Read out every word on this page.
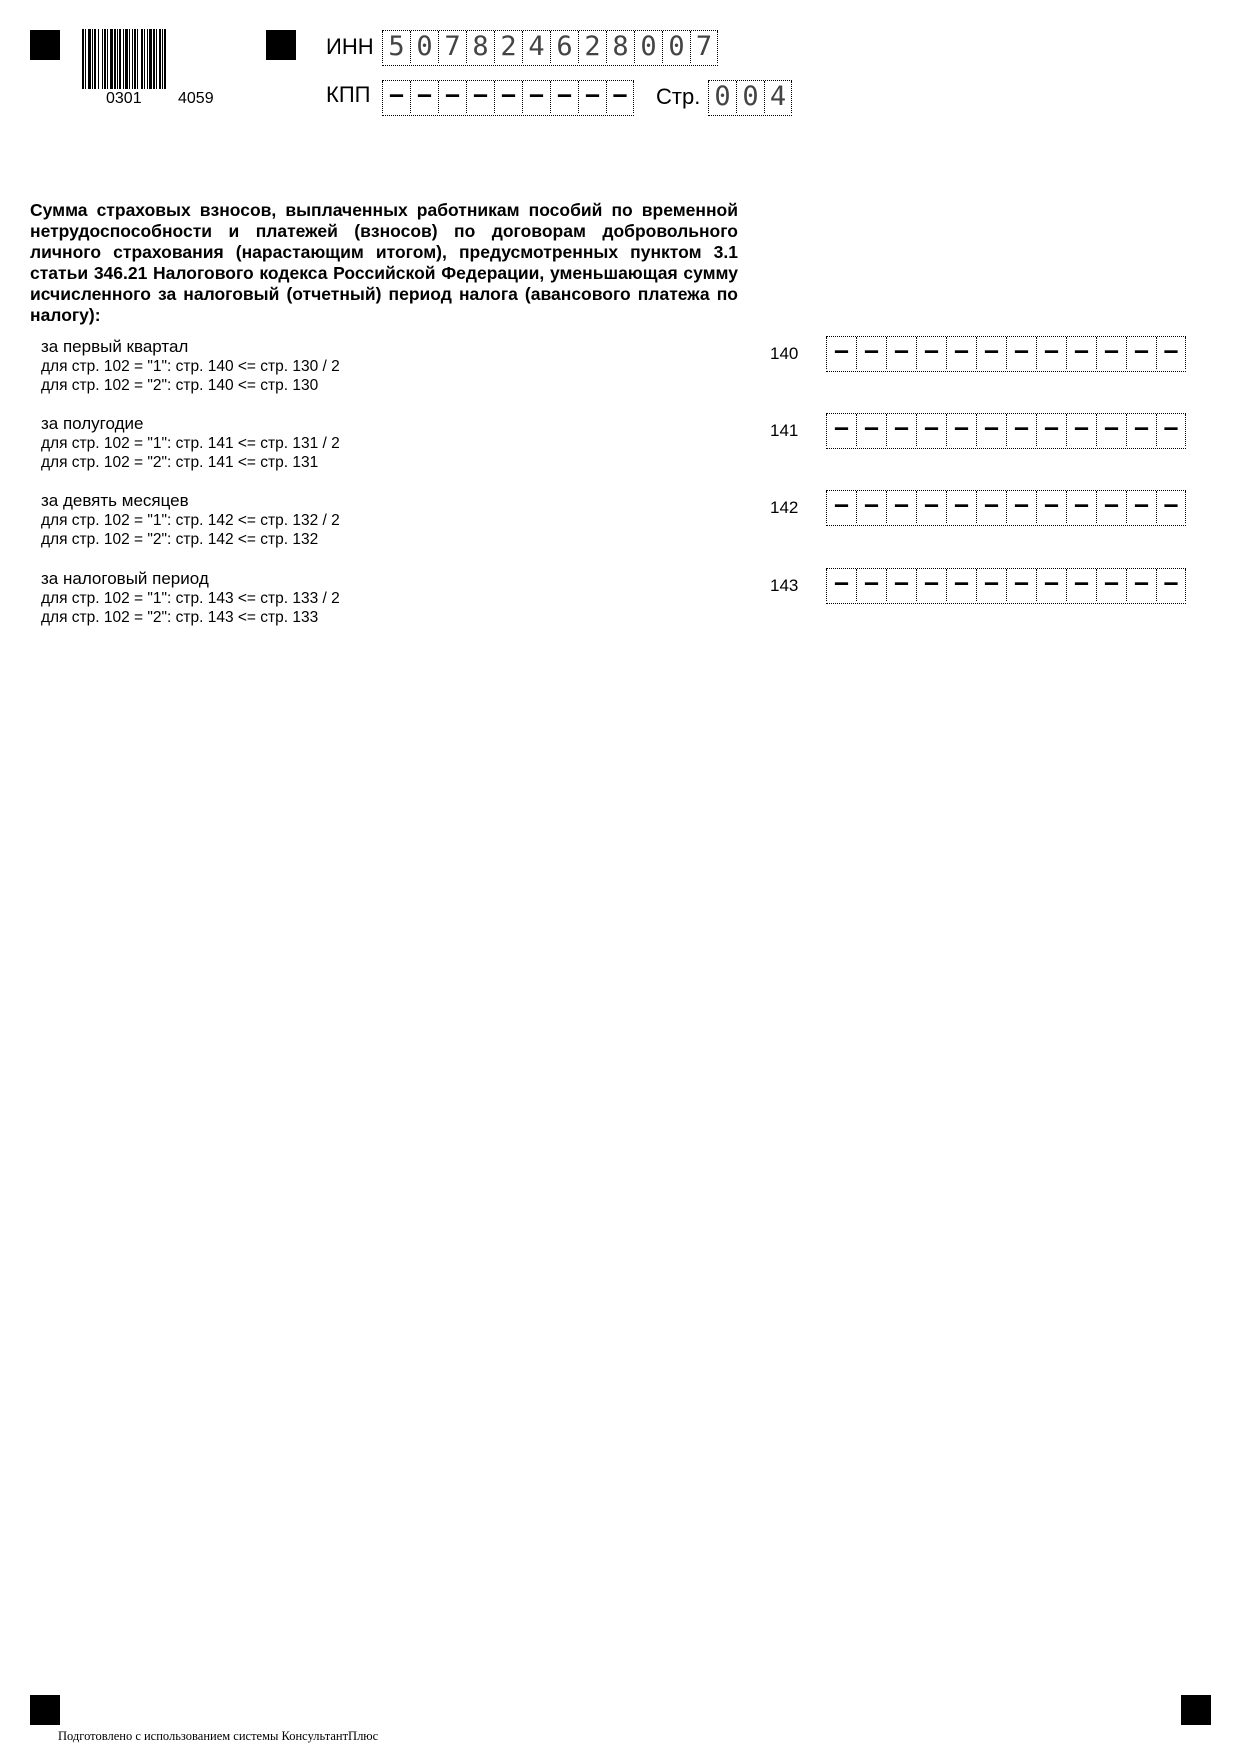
0301 4059
ИНН 5 0 7 8 2 4 6 2 8 0 0 7
КПП – – – – – – – – –	Стр. 0 0 4
Сумма страховых взносов, выплаченных работникам пособий по временной нетрудоспособности и платежей (взносов) по договорам добровольного личного страхования (нарастающим итогом), предусмотренных пунктом 3.1 статьи 346.21 Налогового кодекса Российской Федерации, уменьшающая сумму исчисленного за налоговый (отчетный) период налога (авансового платежа по налогу):
за первый квартал
для стр. 102 = "1": стр. 140 <= стр. 130 / 2
для стр. 102 = "2": стр. 140 <= стр. 130
140	– – – – – – – – – – – –
за полугодие
для стр. 102 = "1": стр. 141 <= стр. 131 / 2
для стр. 102 = "2": стр. 141 <= стр. 131
141	– – – – – – – – – – – –
за девять месяцев
для стр. 102 = "1": стр. 142 <= стр. 132 / 2
для стр. 102 = "2": стр. 142 <= стр. 132
142	– – – – – – – – – – – –
за налоговый период
для стр. 102 = "1": стр. 143 <= стр. 133 / 2
для стр. 102 = "2": стр. 143 <= стр. 133
143	– – – – – – – – – – – –
Подготовлено с использованием системы КонсультантПлюс
